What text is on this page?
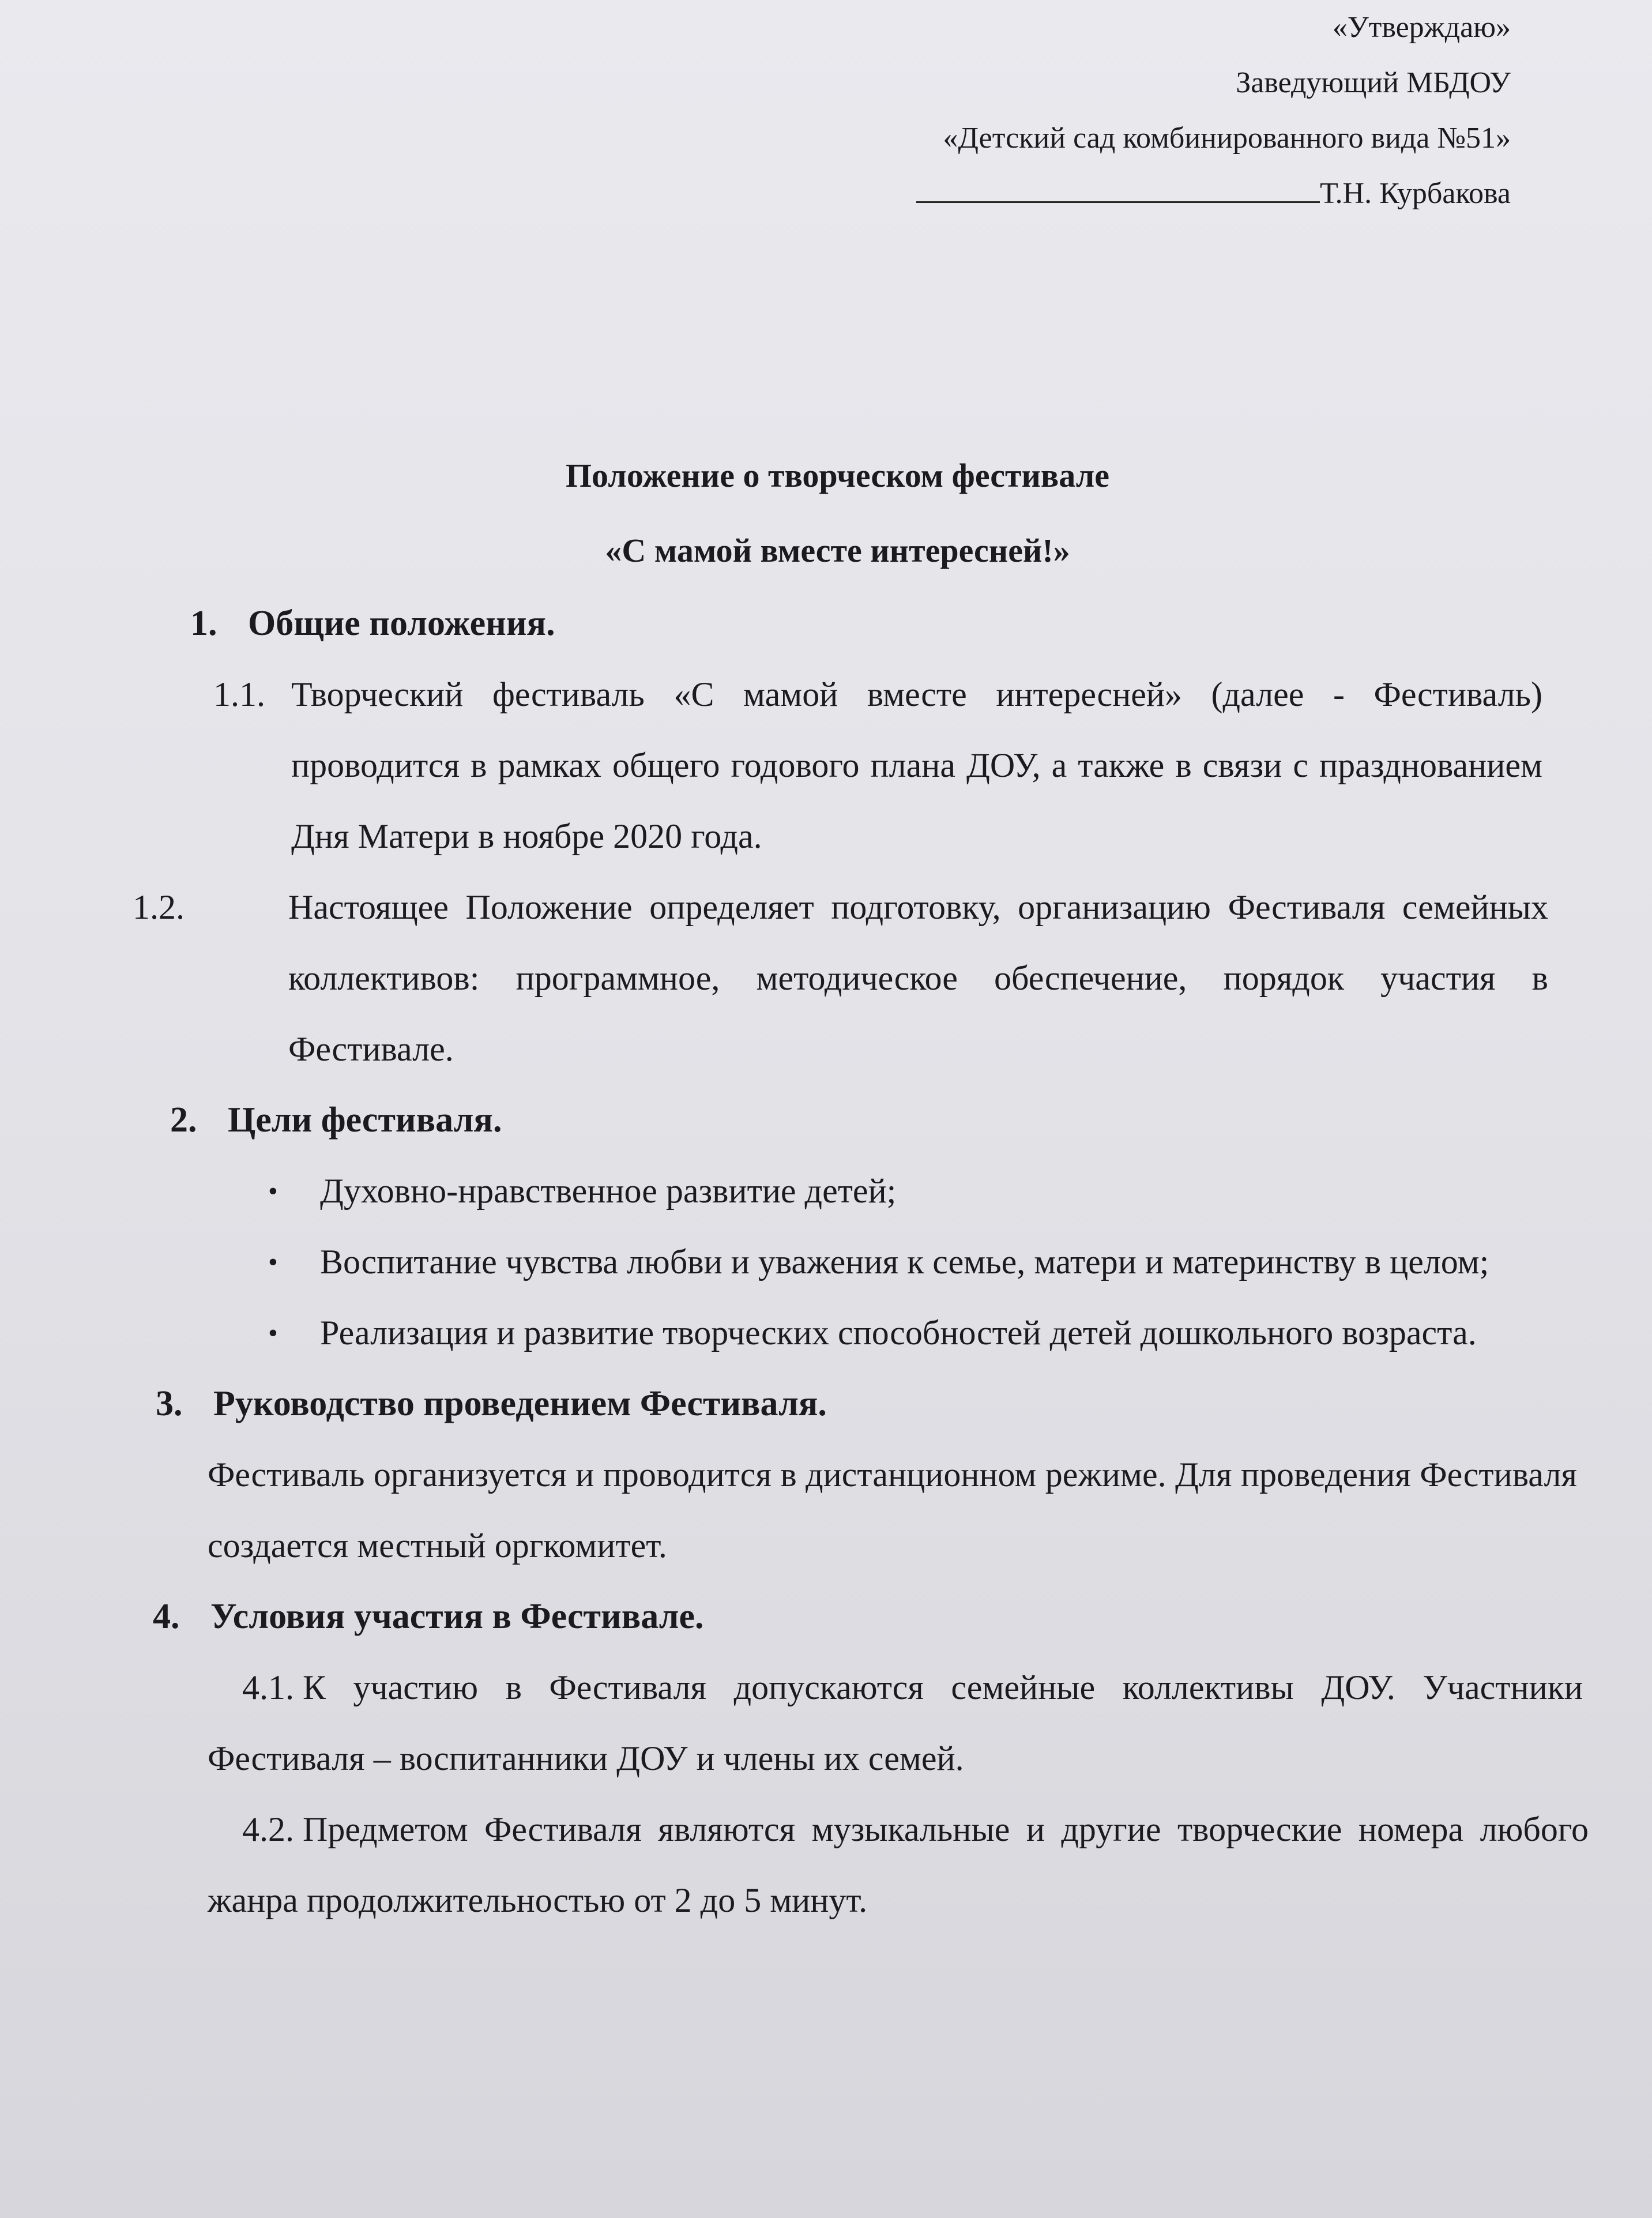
«Утверждаю»
Заведующий МБДОУ
«Детский сад комбинированного вида №51»
Т.Н. Курбакова
Положение о творческом фестивале
«С мамой вместе интересней!»
1. Общие положения.
1.1. Творческий фестиваль «С мамой вместе интересней» (далее - Фестиваль) проводится в рамках общего годового плана ДОУ, а также в связи с празднованием Дня Матери в ноябре 2020 года.
1.2.	Настоящее Положение определяет подготовку, организацию Фестиваля семейных коллективов: программное, методическое обеспечение, порядок участия в Фестивале.
2. Цели фестиваля.
• Духовно-нравственное развитие детей;
• Воспитание чувства любви и уважения к семье, матери и материнству в целом;
• Реализация и развитие творческих способностей детей дошкольного возраста.
3. Руководство проведением Фестиваля.
Фестиваль организуется и проводится в дистанционном режиме. Для проведения Фестиваля создается местный оргкомитет.
4. Условия участия в Фестивале.
4.1. К участию в Фестиваля допускаются семейные коллективы ДОУ. Участники Фестиваля – воспитанники ДОУ и члены их семей.
4.2. Предметом Фестиваля являются музыкальные и другие творческие номера любого жанра продолжительностью от 2 до 5 минут.
